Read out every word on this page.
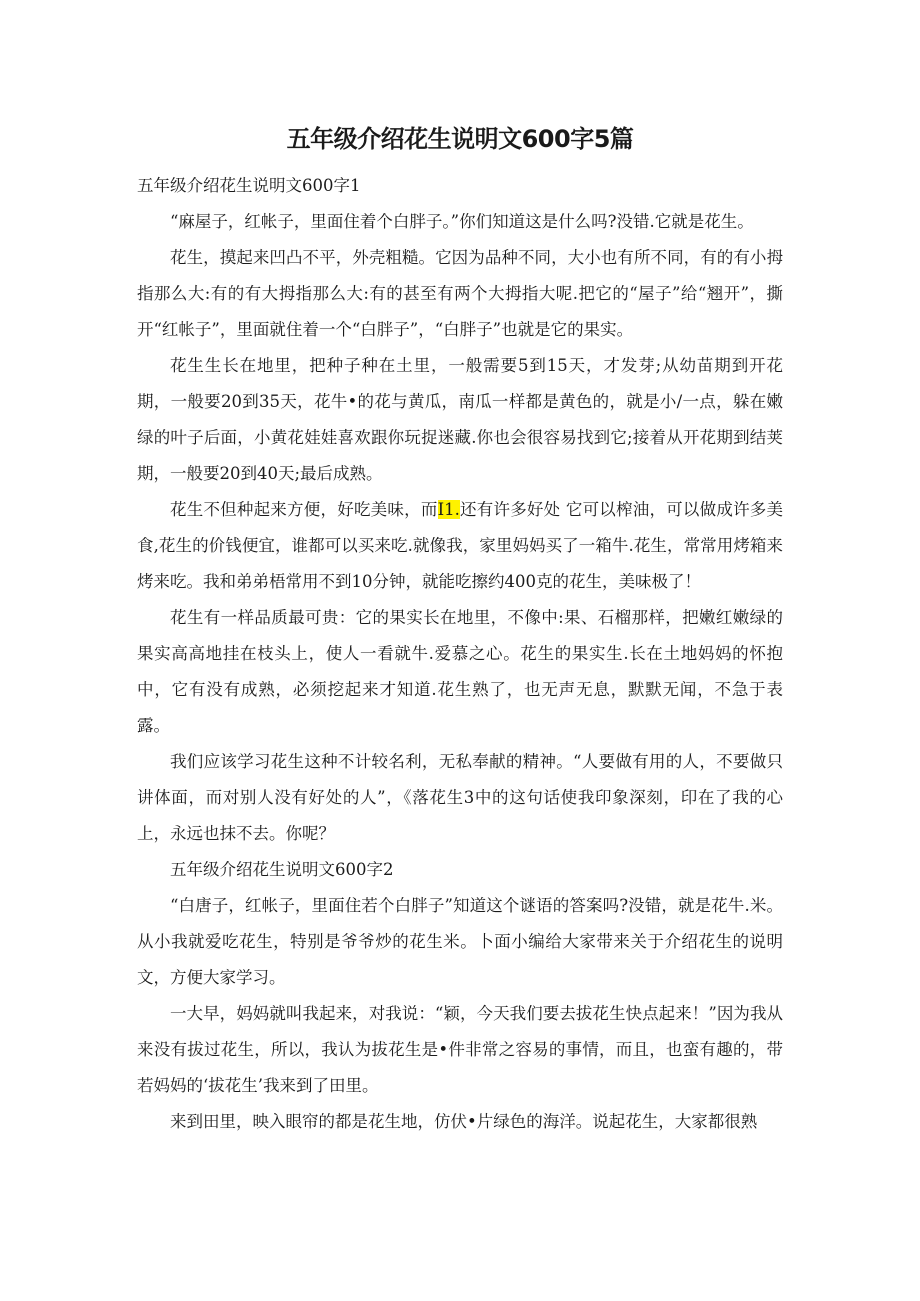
五年级介绍花生说明文600字5篇

五年级介绍花生说明文600字1

“麻屋子，红帐子，里面住着个白胖子。”你们知道这是什么吗?没错.它就是花生。

花生，摸起来凹凸不平，外壳粗糙。它因为品种不同，大小也有所不同，有的有小拇指那么大:有的有大拇指那么大:有的甚至有两个大拇指大呢.把它的“屋子”给“翘开”，撕开“红帐子”，里面就住着一个“白胖子”，“白胖子”也就是它的果实。

花生生长在地里，把种子种在土里，一般需要5到15天，才发芽;从幼苗期到开花期，一般要20到35天，花牛•的花与黄瓜，南瓜一样都是黄色的，就是小/一点，躲在嫩绿的叶子后面，小黄花娃娃喜欢跟你玩捉迷藏.你也会很容易找到它;接着从开花期到结荚期，一般要20到40天;最后成熟。

花生不但种起来方便，好吃美味，而I1.还有许多好处 它可以榨油，可以做成许多美食,花生的价钱便宜，谁都可以买来吃.就像我，家里妈妈买了一箱牛.花生，常常用烤箱来烤来吃。我和弟弟梧常用不到10分钟，就能吃擦约400克的花生，美味极了！

花生有一样品质最可贵：它的果实长在地里，不像中:果、石榴那样，把嫩红嫩绿的果实高高地挂在枝头上，使人一看就牛.爱慕之心。花生的果实生.长在土地妈妈的怀抱中，它有没有成熟，必须挖起来才知道.花生熟了，也无声无息，默默无闻，不急于表露。

我们应该学习花生这种不计较名利，无私奉献的精神。“人要做有用的人，不要做只讲体面，而对别人没有好处的人”，《落花生3中的这句话使我印象深刻，印在了我的心上，永远也抹不去。你呢？

五年级介绍花生说明文600字2

“白唐子，红帐子，里面住若个白胖子”知道这个谜语的答案吗?没错，就是花牛.米。从小我就爱吃花生，特别是爷爷炒的花生米。卜面小编给大家带来关于介绍花生的说明文，方便大家学习。

一大早，妈妈就叫我起来，对我说：“颖，今天我们要去拔花生快点起来！”因为我从来没有拔过花生，所以，我认为拔花生是•件非常之容易的事情，而且，也蛮有趣的，带若妈妈的‘拔花生’我来到了田里。

来到田里，映入眼帘的都是花生地，仿伏•片绿色的海洋。说起花生，大家都很熟
